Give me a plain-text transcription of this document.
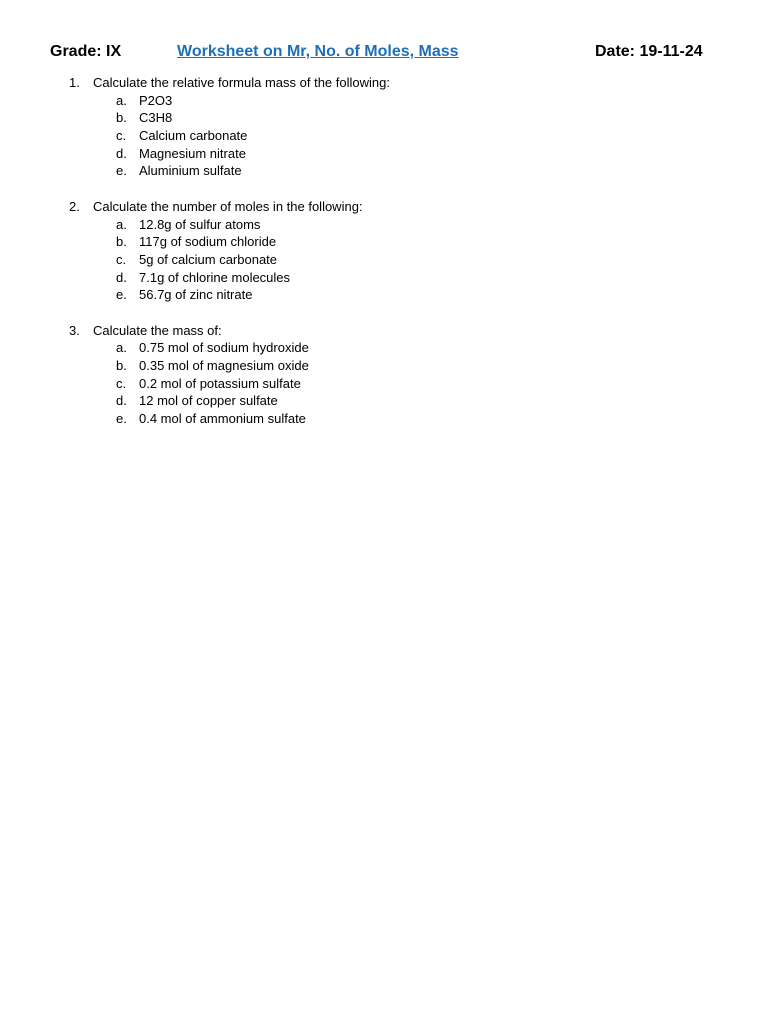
Grade: IX	Worksheet on Mr, No. of Moles, Mass	Date: 19-11-24
1. Calculate the relative formula mass of the following:
a. P2O3
b. C3H8
c. Calcium carbonate
d. Magnesium nitrate
e. Aluminium sulfate
2. Calculate the number of moles in the following:
a. 12.8g of sulfur atoms
b. 117g of sodium chloride
c. 5g of calcium carbonate
d. 7.1g of chlorine molecules
e. 56.7g of zinc nitrate
3. Calculate the mass of:
a. 0.75 mol of sodium hydroxide
b. 0.35 mol of magnesium oxide
c. 0.2 mol of potassium sulfate
d. 12 mol of copper sulfate
e. 0.4 mol of ammonium sulfate
